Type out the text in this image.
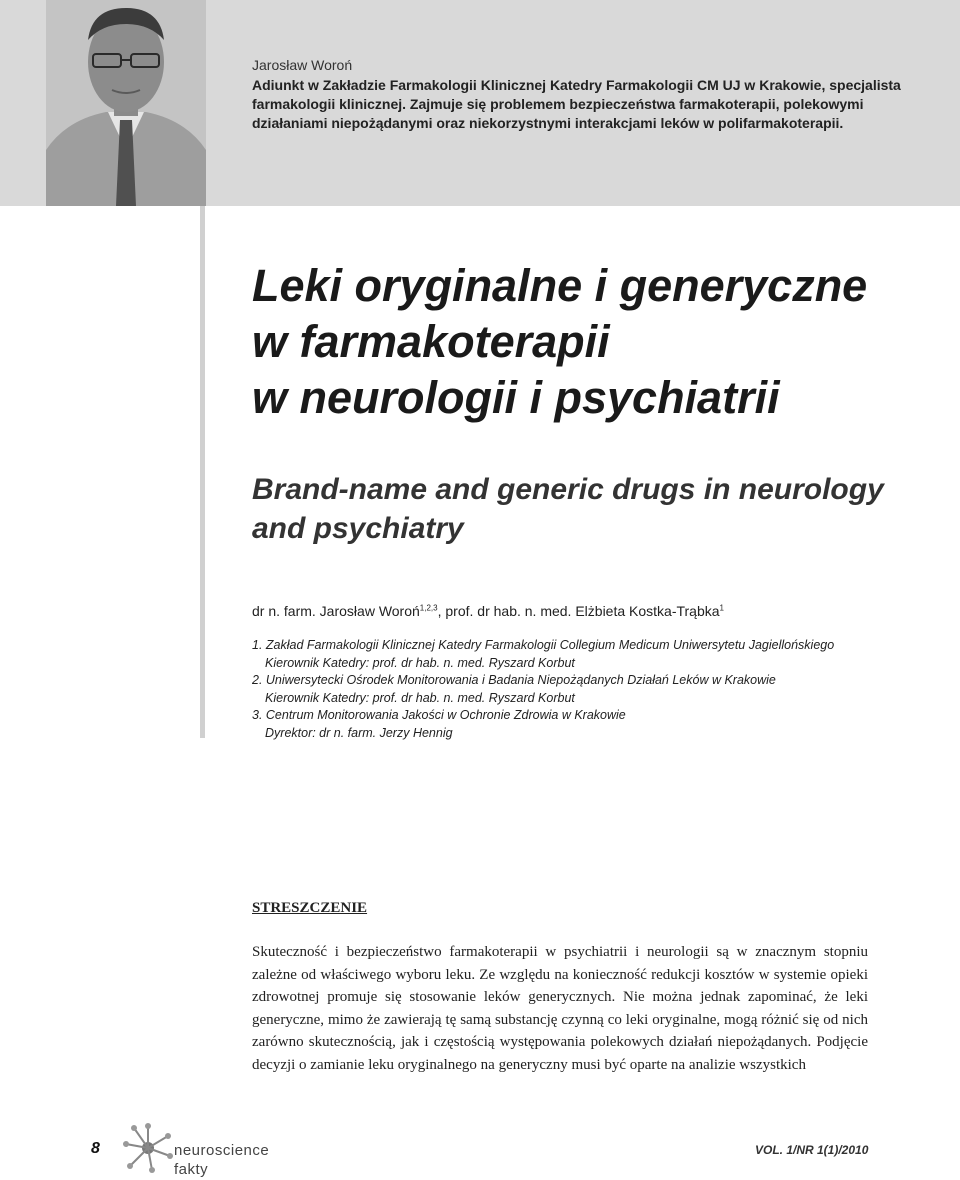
Jarosław Woroń

Adiunkt w Zakładzie Farmakologii Klinicznej Katedry Farmakologii CM UJ w Krakowie, specjalista farmakologii klinicznej. Zajmuje się problemem bezpieczeństwa farmakoterapii, polekowymi działaniami niepożądanymi oraz niekorzystnymi interakcjami leków w polifarmakoterapii.

Leki oryginalne i generyczne
w farmakoterapii
w neurologii i psychiatrii
Brand-name and generic drugs in neurology
and psychiatry
dr n. farm. Jarosław Woroń$^{1,2,3}$, prof. dr hab. n. med. Elżbieta Kostka-Trąbka$^1$

1. Zakład Farmakologii Klinicznej Katedry Farmakologii Collegium Medicum Uniwersytetu Jagiellońskiego

Kierownik Katedry: prof. dr hab. n. med. Ryszard Korbut

2. Uniwersytecki Ośrodek Monitorowania i Badania Niepożądanych Działań Leków w Krakowie

Kierownik Katedry: prof. dr hab. n. med. Ryszard Korbut

3. Centrum Monitorowania Jakości w Ochronie Zdrowia w Krakowie

Dyrektor: dr n. farm. Jerzy Hennig

STRESZCZENIE

Skuteczność i bezpieczeństwo farmakoterapii w psychiatrii i neurologii są w znacznym stopniu zależne od właściwego wyboru leku. Ze względu na konieczność redukcji kosztów w systemie opieki zdrowotnej promuje się stosowanie leków generycznych. Nie można jednak zapominać, że leki generyczne, mimo że zawierają tę samą substancję czynną co leki oryginalne, mogą różnić się od nich zarówno skutecznością, jak i częstością występowania polekowych działań niepożądanych. Podjęcie decyzji o zamianie leku oryginalnego na generyczny musi być oparte na analizie wszystkich

8	neuroscience
fakty
VOL. 1/NR 1(1)/2010
